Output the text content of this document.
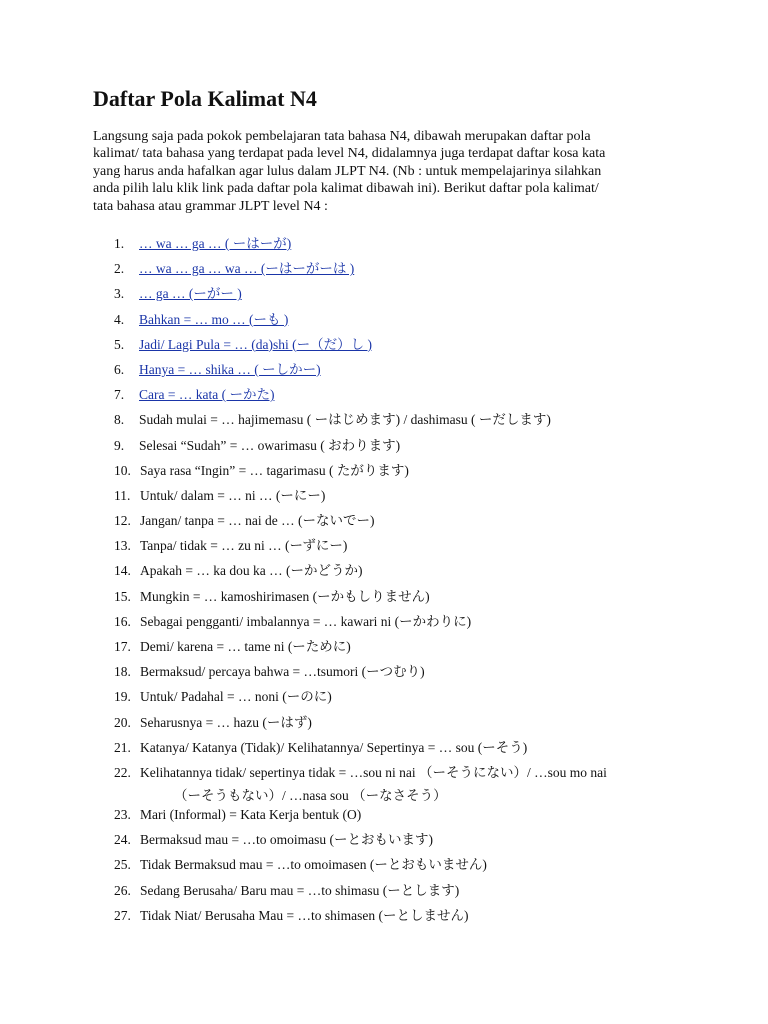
Daftar Pola Kalimat N4
Langsung saja pada pokok pembelajaran tata bahasa N4, dibawah merupakan daftar pola
kalimat/ tata bahasa yang terdapat pada level N4, didalamnya juga terdapat daftar kosa kata
yang harus anda hafalkan agar lulus dalam JLPT N4. (Nb : untuk mempelajarinya silahkan
anda pilih lalu klik link pada daftar pola kalimat dibawah ini). Berikut daftar pola kalimat/
tata bahasa atau grammar JLPT level N4 :
1.	… wa … ga … ( ーはーが)
2.	… wa … ga … wa … (ーはーがーは )
3.	… ga … (ーがー )
4.	Bahkan = … mo … (ーも )
5.	Jadi/ Lagi Pula = … (da)shi (ー（だ）し )
6.	Hanya = … shika … ( ーしかー)
7.	Cara = … kata ( ーかた)
8.	Sudah mulai = … hajimemasu ( ーはじめます) / dashimasu ( ーだします)
9.	Selesai “Sudah” = … owarimasu ( おわります)
10. Saya rasa “Ingin” = … tagarimasu ( たがります)
11. Untuk/ dalam = … ni … (ーにー)
12. Jangan/ tanpa = … nai de … (ーないでー)
13. Tanpa/ tidak = … zu ni … (ーずにー)
14. Apakah = … ka dou ka … (ーかどうか)
15. Mungkin = … kamoshirimasen (ーかもしりません)
16. Sebagai pengganti/ imbalannya = … kawari ni (ーかわりに)
17. Demi/ karena = … tame ni (ーために)
18. Bermaksud/ percaya bahwa = …tsumori (ーつむり)
19. Untuk/ Padahal = … noni (ーのに)
20. Seharusnya = … hazu (ーはず)
21. Katanya/ Katanya (Tidak)/ Kelihatannya/ Sepertinya = … sou (ーそう)
22. Kelihatannya tidak/ sepertinya tidak = …sou ni nai （ーそうにない）/ …sou mo nai
（ーそうもない）/ …nasa sou （ーなさそう）
23. Mari (Informal) = Kata Kerja bentuk (O)
24. Bermaksud mau = …to omoimasu (ーとおもいます)
25. Tidak Bermaksud mau = …to omoimasen (ーとおもいません)
26. Sedang Berusaha/ Baru mau = …to shimasu (ーとします)
27. Tidak Niat/ Berusaha Mau = …to shimasen (ーとしません)
